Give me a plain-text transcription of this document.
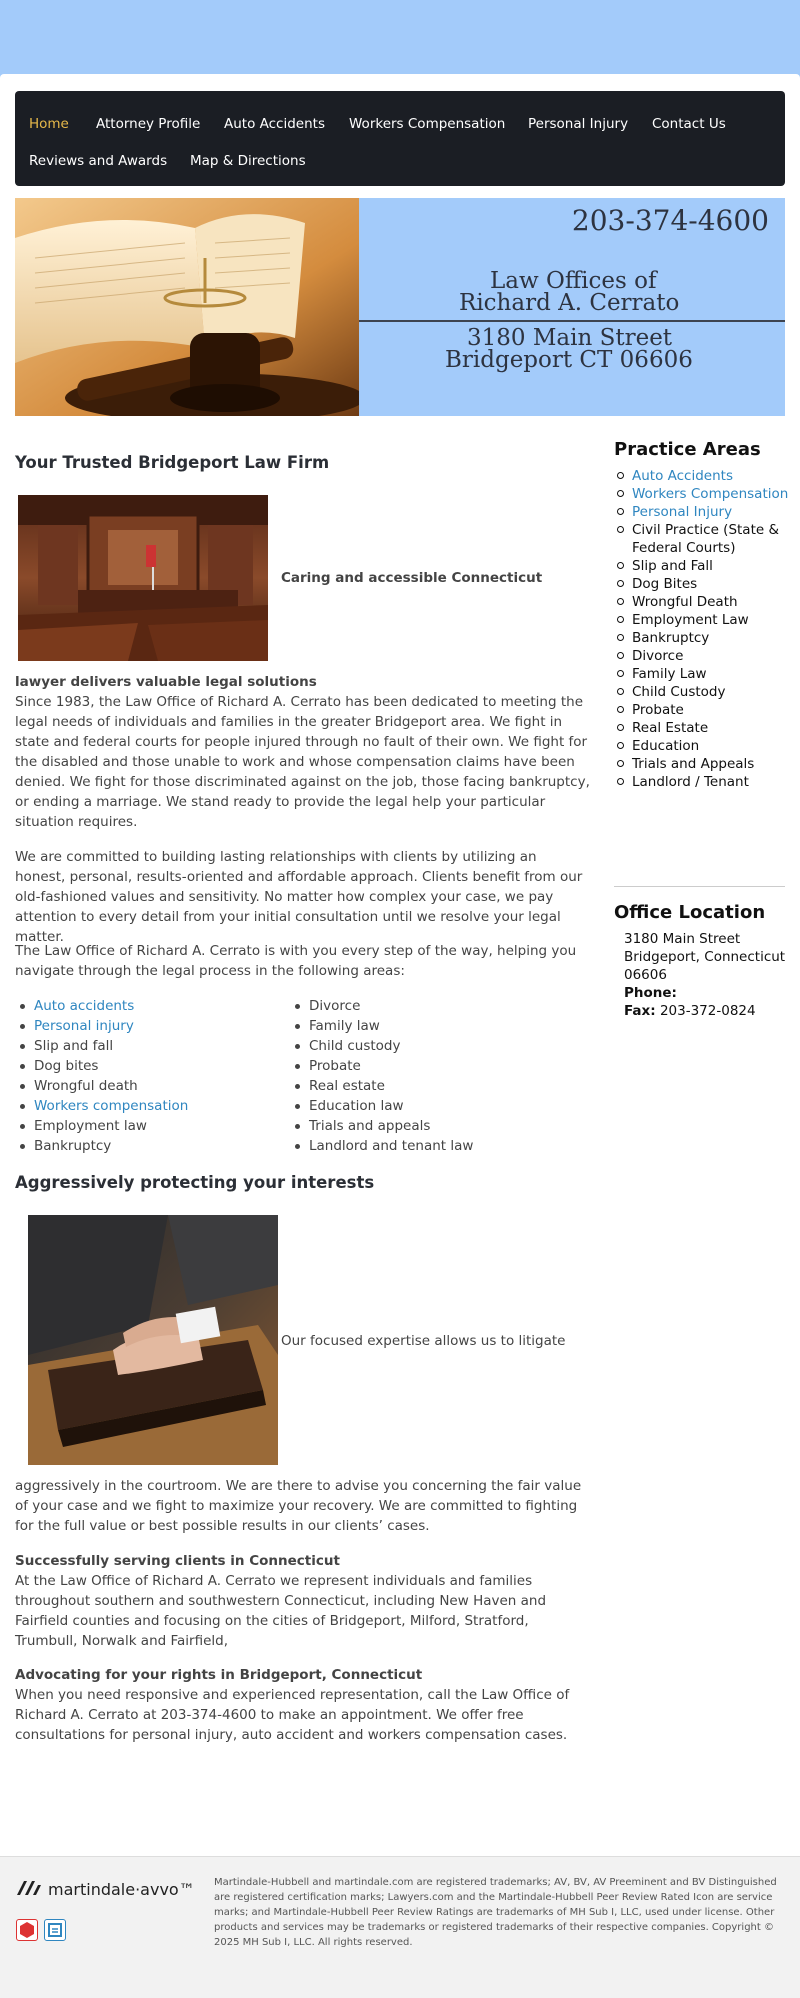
Home Attorney Profile Auto Accidents Workers Compensation Personal Injury Contact Us
Reviews and Awards Map & Directions
203-374-4600
Law Offices of
Richard A. Cerrato
3180 Main Street
Bridgeport CT 06606
Your Trusted Bridgeport Law Firm
Caring and accessible Connecticut
lawyer delivers valuable legal solutions
Since 1983, the Law Office of Richard A. Cerrato has been dedicated to meeting the legal needs of individuals and families in the greater Bridgeport area. We fight in state and federal courts for people injured through no fault of their own. We fight for the disabled and those unable to work and whose compensation claims have been denied. We fight for those discriminated against on the job, those facing bankruptcy, or ending a marriage. We stand ready to provide the legal help your particular situation requires.
We are committed to building lasting relationships with clients by utilizing an honest, personal, results-oriented and affordable approach. Clients benefit from our old-fashioned values and sensitivity. No matter how complex your case, we pay attention to every detail from your initial consultation until we resolve your legal matter.
The Law Office of Richard A. Cerrato is with you every step of the way, helping you navigate through the legal process in the following areas:
Auto accidents
Personal injury
Slip and fall
Dog bites
Wrongful death
Workers compensation
Employment law
Bankruptcy
Divorce
Family law
Child custody
Probate
Real estate
Education law
Trials and appeals
Landlord and tenant law
Aggressively protecting your interests
Our focused expertise allows us to litigate
aggressively in the courtroom. We are there to advise you concerning the fair value of your case and we fight to maximize your recovery. We are committed to fighting for the full value or best possible results in our clients’ cases.
Successfully serving clients in Connecticut
At the Law Office of Richard A. Cerrato we represent individuals and families throughout southern and southwestern Connecticut, including New Haven and Fairfield counties and focusing on the cities of Bridgeport, Milford, Stratford, Trumbull, Norwalk and Fairfield,
Advocating for your rights in Bridgeport, Connecticut
When you need responsive and experienced representation, call the Law Office of Richard A. Cerrato at 203-374-4600 to make an appointment. We offer free consultations for personal injury, auto accident and workers compensation cases.
Practice Areas
Auto Accidents
Workers Compensation
Personal Injury
Civil Practice (State & Federal Courts)
Slip and Fall
Dog Bites
Wrongful Death
Employment Law
Bankruptcy
Divorce
Family Law
Child Custody
Probate
Real Estate
Education
Trials and Appeals
Landlord / Tenant
Office Location
3180 Main Street
Bridgeport, Connecticut
06606
Phone:
Fax: 203-372-0824
martindale·avvo™ Martindale-Hubbell and martindale.com are registered trademarks; AV, BV, AV Preeminent and BV Distinguished are registered certification marks; Lawyers.com and the Martindale-Hubbell Peer Review Rated Icon are service marks; and Martindale-Hubbell Peer Review Ratings are trademarks of MH Sub I, LLC, used under license. Other products and services may be trademarks or registered trademarks of their respective companies. Copyright © 2025 MH Sub I, LLC. All rights reserved.
